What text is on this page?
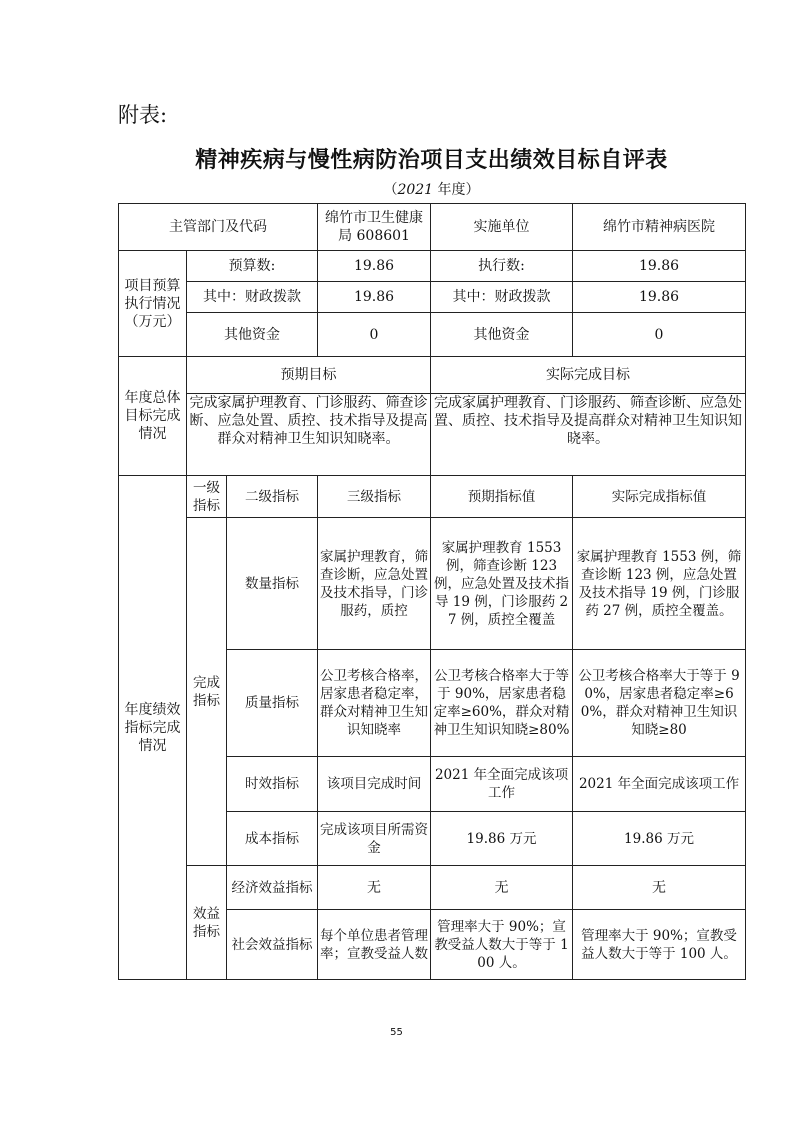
附表:
精神疾病与慢性病防治项目支出绩效目标自评表
（2021 年度）
主管部门及代码			绵竹市卫生健康局 608601	实施单位	绵竹市精神病医院
项目预算执行情况（万元）	预算数:		19.86	执行数:	19.86
	其中：财政拨款		19.86	其中：财政拨款	19.86
	其他资金		0	其他资金	0
年度总体目标完成情况	预期目标			实际完成目标	
	完成家属护理教育、门诊服药、筛查诊断、应急处置、质控、技术指导及提高群众对精神卫生知识知晓率。			完成家属护理教育、门诊服药、筛查诊断、应急处置、质控、技术指导及提高群众对精神卫生知识知晓率。	
年度绩效指标完成情况	一级指标	二级指标	三级指标	预期指标值	实际完成指标值
	完成指标	数量指标	家属护理教育，筛查诊断，应急处置及技术指导，门诊服药，质控	家属护理教育 1553 例，筛查诊断 123 例，应急处置及技术指导 19 例，门诊服药 27 例，质控全覆盖	家属护理教育 1553 例，筛查诊断 123 例，应急处置及技术指导 19 例，门诊服药 27 例，质控全覆盖。
		质量指标	公卫考核合格率，居家患者稳定率，群众对精神卫生知识知晓率	公卫考核合格率大于等于 90%，居家患者稳定率≥60%，群众对精神卫生知识知晓≥80%	公卫考核合格率大于等于 90%，居家患者稳定率≥60%，群众对精神卫生知识知晓≥80
		时效指标	该项目完成时间	2021 年全面完成该项工作	2021 年全面完成该项工作
		成本指标	完成该项目所需资金	19.86 万元	19.86 万元
	效益指标	经济效益指标	无	无	无
		社会效益指标	每个单位患者管理率；宣教受益人数	管理率大于 90%；宣教受益人数大于等于 100 人。	管理率大于 90%；宣教受益人数大于等于 100 人。
55
